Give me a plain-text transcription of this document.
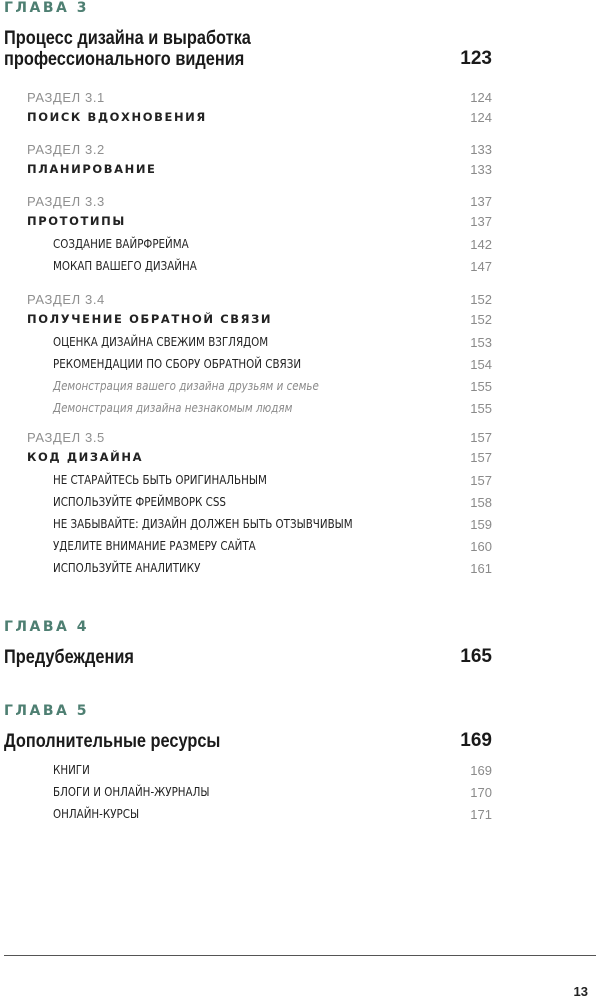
ГЛАВА 3
Процесс дизайна и выработка
профессионального видения	123
РАЗДЕЛ 3.1	124
ПОИСК ВДОХНОВЕНИЯ	124
РАЗДЕЛ 3.2	133
ПЛАНИРОВАНИЕ	133
РАЗДЕЛ 3.3	137
ПРОТОТИПЫ	137
СОЗДАНИЕ ВАЙРФРЕЙМА	142
МОКАП ВАШЕГО ДИЗАЙНА	147
РАЗДЕЛ 3.4	152
ПОЛУЧЕНИЕ ОБРАТНОЙ СВЯЗИ	152
ОЦЕНКА ДИЗАЙНА СВЕЖИМ ВЗГЛЯДОМ	153
РЕКОМЕНДАЦИИ ПО СБОРУ ОБРАТНОЙ СВЯЗИ	154
Демонстрация вашего дизайна друзьям и семье	155
Демонстрация дизайна незнакомым людям	155
РАЗДЕЛ 3.5	157
КОД ДИЗАЙНА	157
НЕ СТАРАЙТЕСЬ БЫТЬ ОРИГИНАЛЬНЫМ	157
ИСПОЛЬЗУЙТЕ ФРЕЙМВОРК CSS	158
НЕ ЗАБЫВАЙТЕ: ДИЗАЙН ДОЛЖЕН БЫТЬ ОТЗЫВЧИВЫМ	159
УДЕЛИТЕ ВНИМАНИЕ РАЗМЕРУ САЙТА	160
ИСПОЛЬЗУЙТЕ АНАЛИТИКУ	161
ГЛАВА 4
Предубеждения	165
ГЛАВА 5
Дополнительные ресурсы	169
КНИГИ	169
БЛОГИ И ОНЛАЙН-ЖУРНАЛЫ	170
ОНЛАЙН-КУРСЫ	171
13
